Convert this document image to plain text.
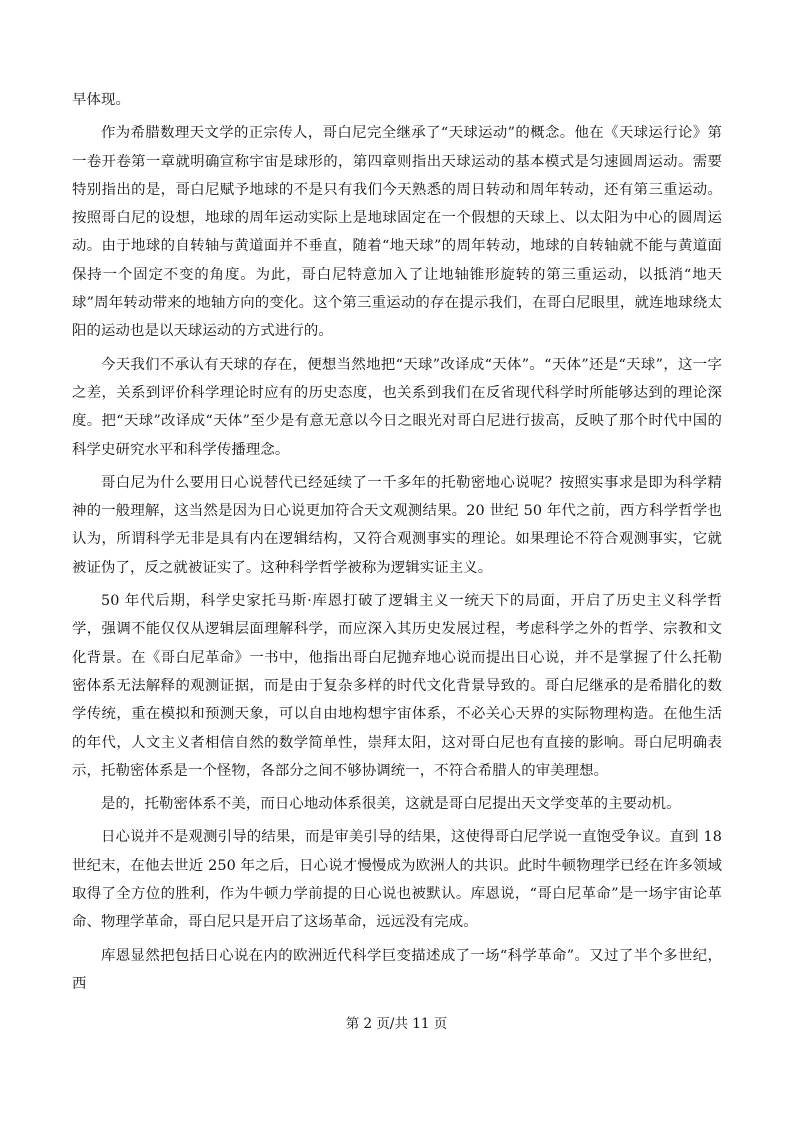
早体现。

作为希腊数理天文学的正宗传人，哥白尼完全继承了“天球运动”的概念。他在《天球运行论》第一卷开卷第一章就明确宣称宇宙是球形的，第四章则指出天球运动的基本模式是匀速圆周运动。需要特别指出的是，哥白尼赋予地球的不是只有我们今天熟悉的周日转动和周年转动，还有第三重运动。按照哥白尼的设想，地球的周年运动实际上是地球固定在一个假想的天球上、以太阳为中心的圆周运动。由于地球的自转轴与黄道面并不垂直，随着“地天球”的周年转动，地球的自转轴就不能与黄道面保持一个固定不变的角度。为此，哥白尼特意加入了让地轴锥形旋转的第三重运动，以抵消“地天球”周年转动带来的地轴方向的变化。这个第三重运动的存在提示我们，在哥白尼眼里，就连地球绕太阳的运动也是以天球运动的方式进行的。

今天我们不承认有天球的存在，便想当然地把“天球”改译成“天体”。“天体”还是“天球”，这一字之差，关系到评价科学理论时应有的历史态度，也关系到我们在反省现代科学时所能够达到的理论深度。把“天球”改译成“天体”至少是有意无意以今日之眼光对哥白尼进行拔高，反映了那个时代中国的科学史研究水平和科学传播理念。

哥白尼为什么要用日心说替代已经延续了一千多年的托勒密地心说呢？按照实事求是即为科学精神的一般理解，这当然是因为日心说更加符合天文观测结果。20 世纪 50 年代之前，西方科学哲学也认为，所谓科学无非是具有内在逻辑结构，又符合观测事实的理论。如果理论不符合观测事实，它就被证伪了，反之就被证实了。这种科学哲学被称为逻辑实证主义。

50 年代后期，科学史家托马斯·库恩打破了逻辑主义一统天下的局面，开启了历史主义科学哲学，强调不能仅仅从逻辑层面理解科学，而应深入其历史发展过程，考虑科学之外的哲学、宗教和文化背景。在《哥白尼革命》一书中，他指出哥白尼抛弃地心说而提出日心说，并不是掌握了什么托勒密体系无法解释的观测证据，而是由于复杂多样的时代文化背景导致的。哥白尼继承的是希腊化的数学传统，重在模拟和预测天象，可以自由地构想宇宙体系，不必关心天界的实际物理构造。在他生活的年代，人文主义者相信自然的数学简单性，崇拜太阳，这对哥白尼也有直接的影响。哥白尼明确表示，托勒密体系是一个怪物，各部分之间不够协调统一，不符合希腊人的审美理想。

是的，托勒密体系不美，而日心地动体系很美，这就是哥白尼提出天文学变革的主要动机。

日心说并不是观测引导的结果，而是审美引导的结果，这使得哥白尼学说一直饱受争议。直到 18 世纪末，在他去世近 250 年之后，日心说才慢慢成为欧洲人的共识。此时牛顿物理学已经在许多领域取得了全方位的胜利，作为牛顿力学前提的日心说也被默认。库恩说，“哥白尼革命”是一场宇宙论革命、物理学革命，哥白尼只是开启了这场革命，远远没有完成。

库恩显然把包括日心说在内的欧洲近代科学巨变描述成了一场“科学革命”。又过了半个多世纪，西

第 2 页/共 11 页
